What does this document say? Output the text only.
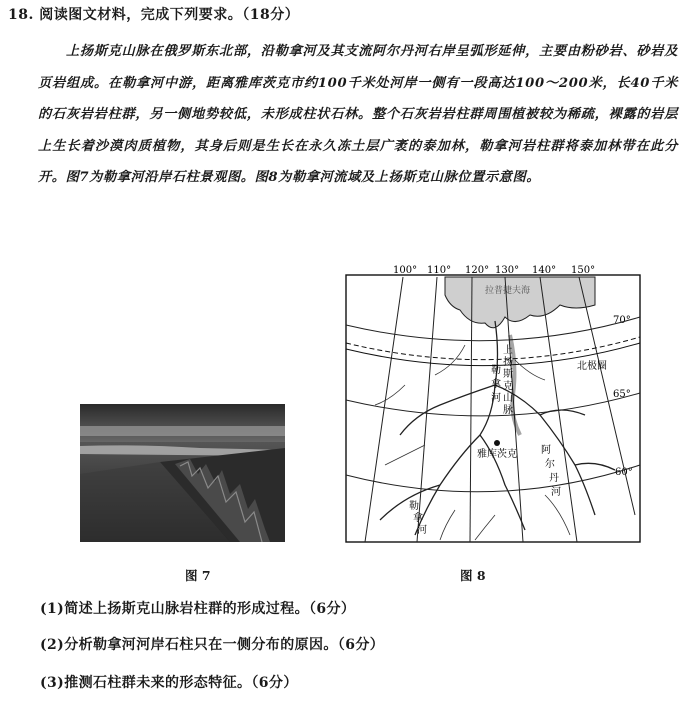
18. 阅读图文材料，完成下列要求。（18分）
上扬斯克山脉在俄罗斯东北部，沿勒拿河及其支流阿尔丹河右岸呈弧形延伸，主要由粉砂岩、砂岩及页岩组成。在勒拿河中游，距离雅库茨克市约100千米处河岸一侧有一段高达100～200米，长40千米的石灰岩岩柱群，另一侧地势较低，未形成柱状石林。整个石灰岩岩柱群周围植被较为稀疏，裸露的岩层上生长着沙漠肉质植物，其身后则是生长在永久冻土层广袤的泰加林，勒拿河岩柱群将泰加林带在此分开。图7为勒拿河沿岸石柱景观图。图8为勒拿河流域及上扬斯克山脉位置示意图。
图 7
100° 110° 120° 130° 140° 150°
70°
65°
60°
拉普捷夫海
北极圈
上扬斯克山脉
勒拿河
雅库茨克 阿尔丹河
勒拿河
图 8
(1)简述上扬斯克山脉岩柱群的形成过程。（6分）
(2)分析勒拿河河岸石柱只在一侧分布的原因。（6分）
(3)推测石柱群未来的形态特征。（6分）
